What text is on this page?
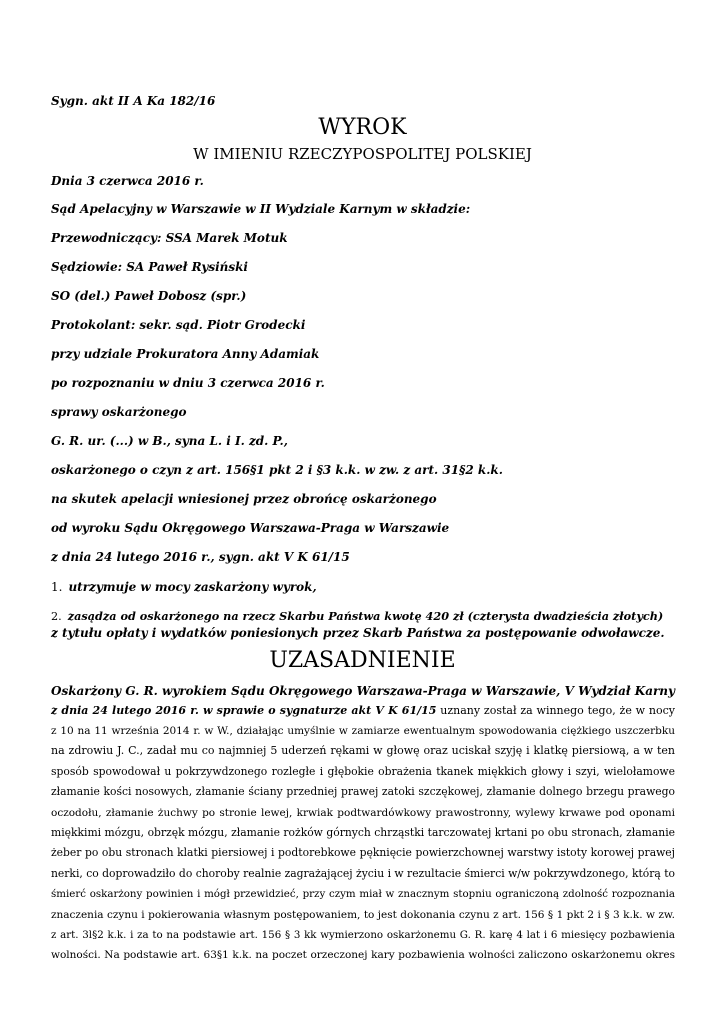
Sygn. akt II A Ka 182/16

WYROK
W IMIENIU RZECZYPOSPOLITEJ POLSKIEJ

Dnia 3 czerwca 2016 r.

Sąd Apelacyjny w Warszawie w II Wydziale Karnym w składzie:

Przewodniczący: SSA Marek Motuk

Sędziowie: SA Paweł Rysiński

SO (del.) Paweł Dobosz (spr.)

Protokolant: sekr. sąd. Piotr Grodecki

przy udziale Prokuratora Anny Adamiak

po rozpoznaniu w dniu 3 czerwca 2016 r.

sprawy oskarżonego

G. R. ur. (...) w B., syna L. i I. zd. P.,

oskarżonego o czyn z art. 156§1 pkt 2 i §3 k.k. w zw. z art. 31§2 k.k.

na skutek apelacji wniesionej przez obrońcę oskarżonego

od wyroku Sądu Okręgowego Warszawa-Praga w Warszawie

z dnia 24 lutego 2016 r., sygn. akt V K 61/15

1. utrzymuje w mocy zaskarżony wyrok,

2. zasądza od oskarżonego na rzecz Skarbu Państwa kwotę 420 zł (czterysta dwadzieścia złotych)

z tytułu opłaty i wydatków poniesionych przez Skarb Państwa za postępowanie odwoławcze.

UZASADNIENIE
Oskarżony G. R. wyrokiem Sądu Okręgowego Warszawa-Praga w Warszawie, V Wydział Karny
z dnia 24 lutego 2016 r. w sprawie o sygnaturze akt V K 61/15 uznany został za winnego tego, że w nocy
z 10 na 11 września 2014 r. w W., działając umyślnie w zamiarze ewentualnym spowodowania ciężkiego uszczerbku
na zdrowiu J. C., zadał mu co najmniej 5 uderzeń rękami w głowę oraz uciskał szyję i klatkę piersiową, a w ten
sposób spowodował u pokrzywdzonego rozległe i głębokie obrażenia tkanek miękkich głowy i szyi, wielołamowe
złamanie kości nosowych, złamanie ściany przedniej prawej zatoki szczękowej, złamanie dolnego brzegu prawego
oczodołu, złamanie żuchwy po stronie lewej, krwiak podtwardówkowy prawostronny, wylewy krwawe pod oponami
miękkimi mózgu, obrzęk mózgu, złamanie rożków górnych chrząstki tarczowatej krtani po obu stronach, złamanie
żeber po obu stronach klatki piersiowej i podtorebkowe pęknięcie powierzchownej warstwy istoty korowej prawej
nerki, co doprowadziło do choroby realnie zagrażającej życiu i w rezultacie śmierci w/w pokrzywdzonego, którą to
śmierć oskarżony powinien i mógł przewidzieć, przy czym miał w znacznym stopniu ograniczoną zdolność rozpoznania
znaczenia czynu i pokierowania własnym postępowaniem, to jest dokonania czynu z art. 156 § 1 pkt 2 i § 3 k.k. w zw.
z art. 3l§2 k.k. i za to na podstawie art. 156 § 3 kk wymierzono oskarżonemu G. R. karę 4 lat i 6 miesięcy pozbawienia
wolności. Na podstawie art. 63§1 k.k. na poczet orzeczonej kary pozbawienia wolności zaliczono oskarżonemu okres
